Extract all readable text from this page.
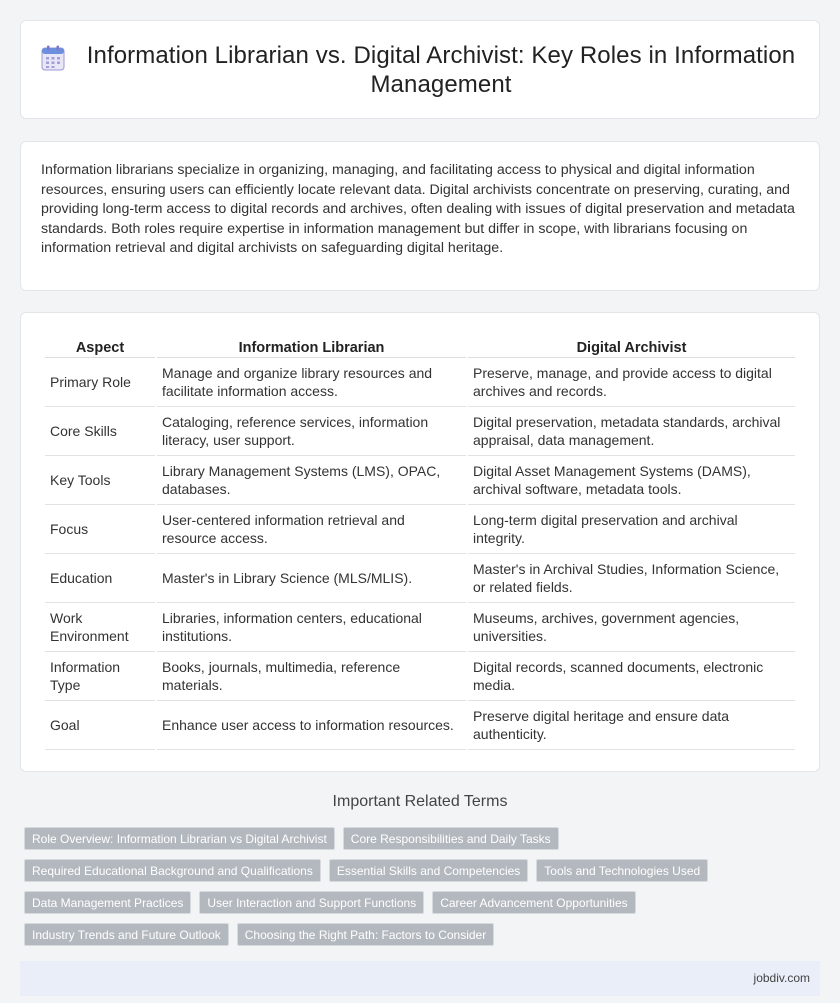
Information Librarian vs. Digital Archivist: Key Roles in Information Management

Information librarians specialize in organizing, managing, and facilitating access to physical and digital information resources, ensuring users can efficiently locate relevant data. Digital archivists concentrate on preserving, curating, and providing long-term access to digital records and archives, often dealing with issues of digital preservation and metadata standards. Both roles require expertise in information management but differ in scope, with librarians focusing on information retrieval and digital archivists on safeguarding digital heritage.

Aspect	Information Librarian	Digital Archivist
Primary Role	Manage and organize library resources and facilitate information access.	Preserve, manage, and provide access to digital archives and records.
Core Skills	Cataloging, reference services, information literacy, user support.	Digital preservation, metadata standards, archival appraisal, data management.
Key Tools	Library Management Systems (LMS), OPAC, databases.	Digital Asset Management Systems (DAMS), archival software, metadata tools.
Focus	User-centered information retrieval and resource access.	Long-term digital preservation and archival integrity.
Education	Master's in Library Science (MLS/MLIS).	Master's in Archival Studies, Information Science, or related fields.
Work Environment	Libraries, information centers, educational institutions.	Museums, archives, government agencies, universities.
Information Type	Books, journals, multimedia, reference materials.	Digital records, scanned documents, electronic media.
Goal	Enhance user access to information resources.	Preserve digital heritage and ensure data authenticity.
Important Related Terms
Role Overview: Information Librarian vs Digital Archivist	Core Responsibilities and Daily Tasks
Required Educational Background and Qualifications	Essential Skills and Competencies	Tools and Technologies Used
Data Management Practices	User Interaction and Support Functions	Career Advancement Opportunities
Industry Trends and Future Outlook	Choosing the Right Path: Factors to Consider
jobdiv.com
